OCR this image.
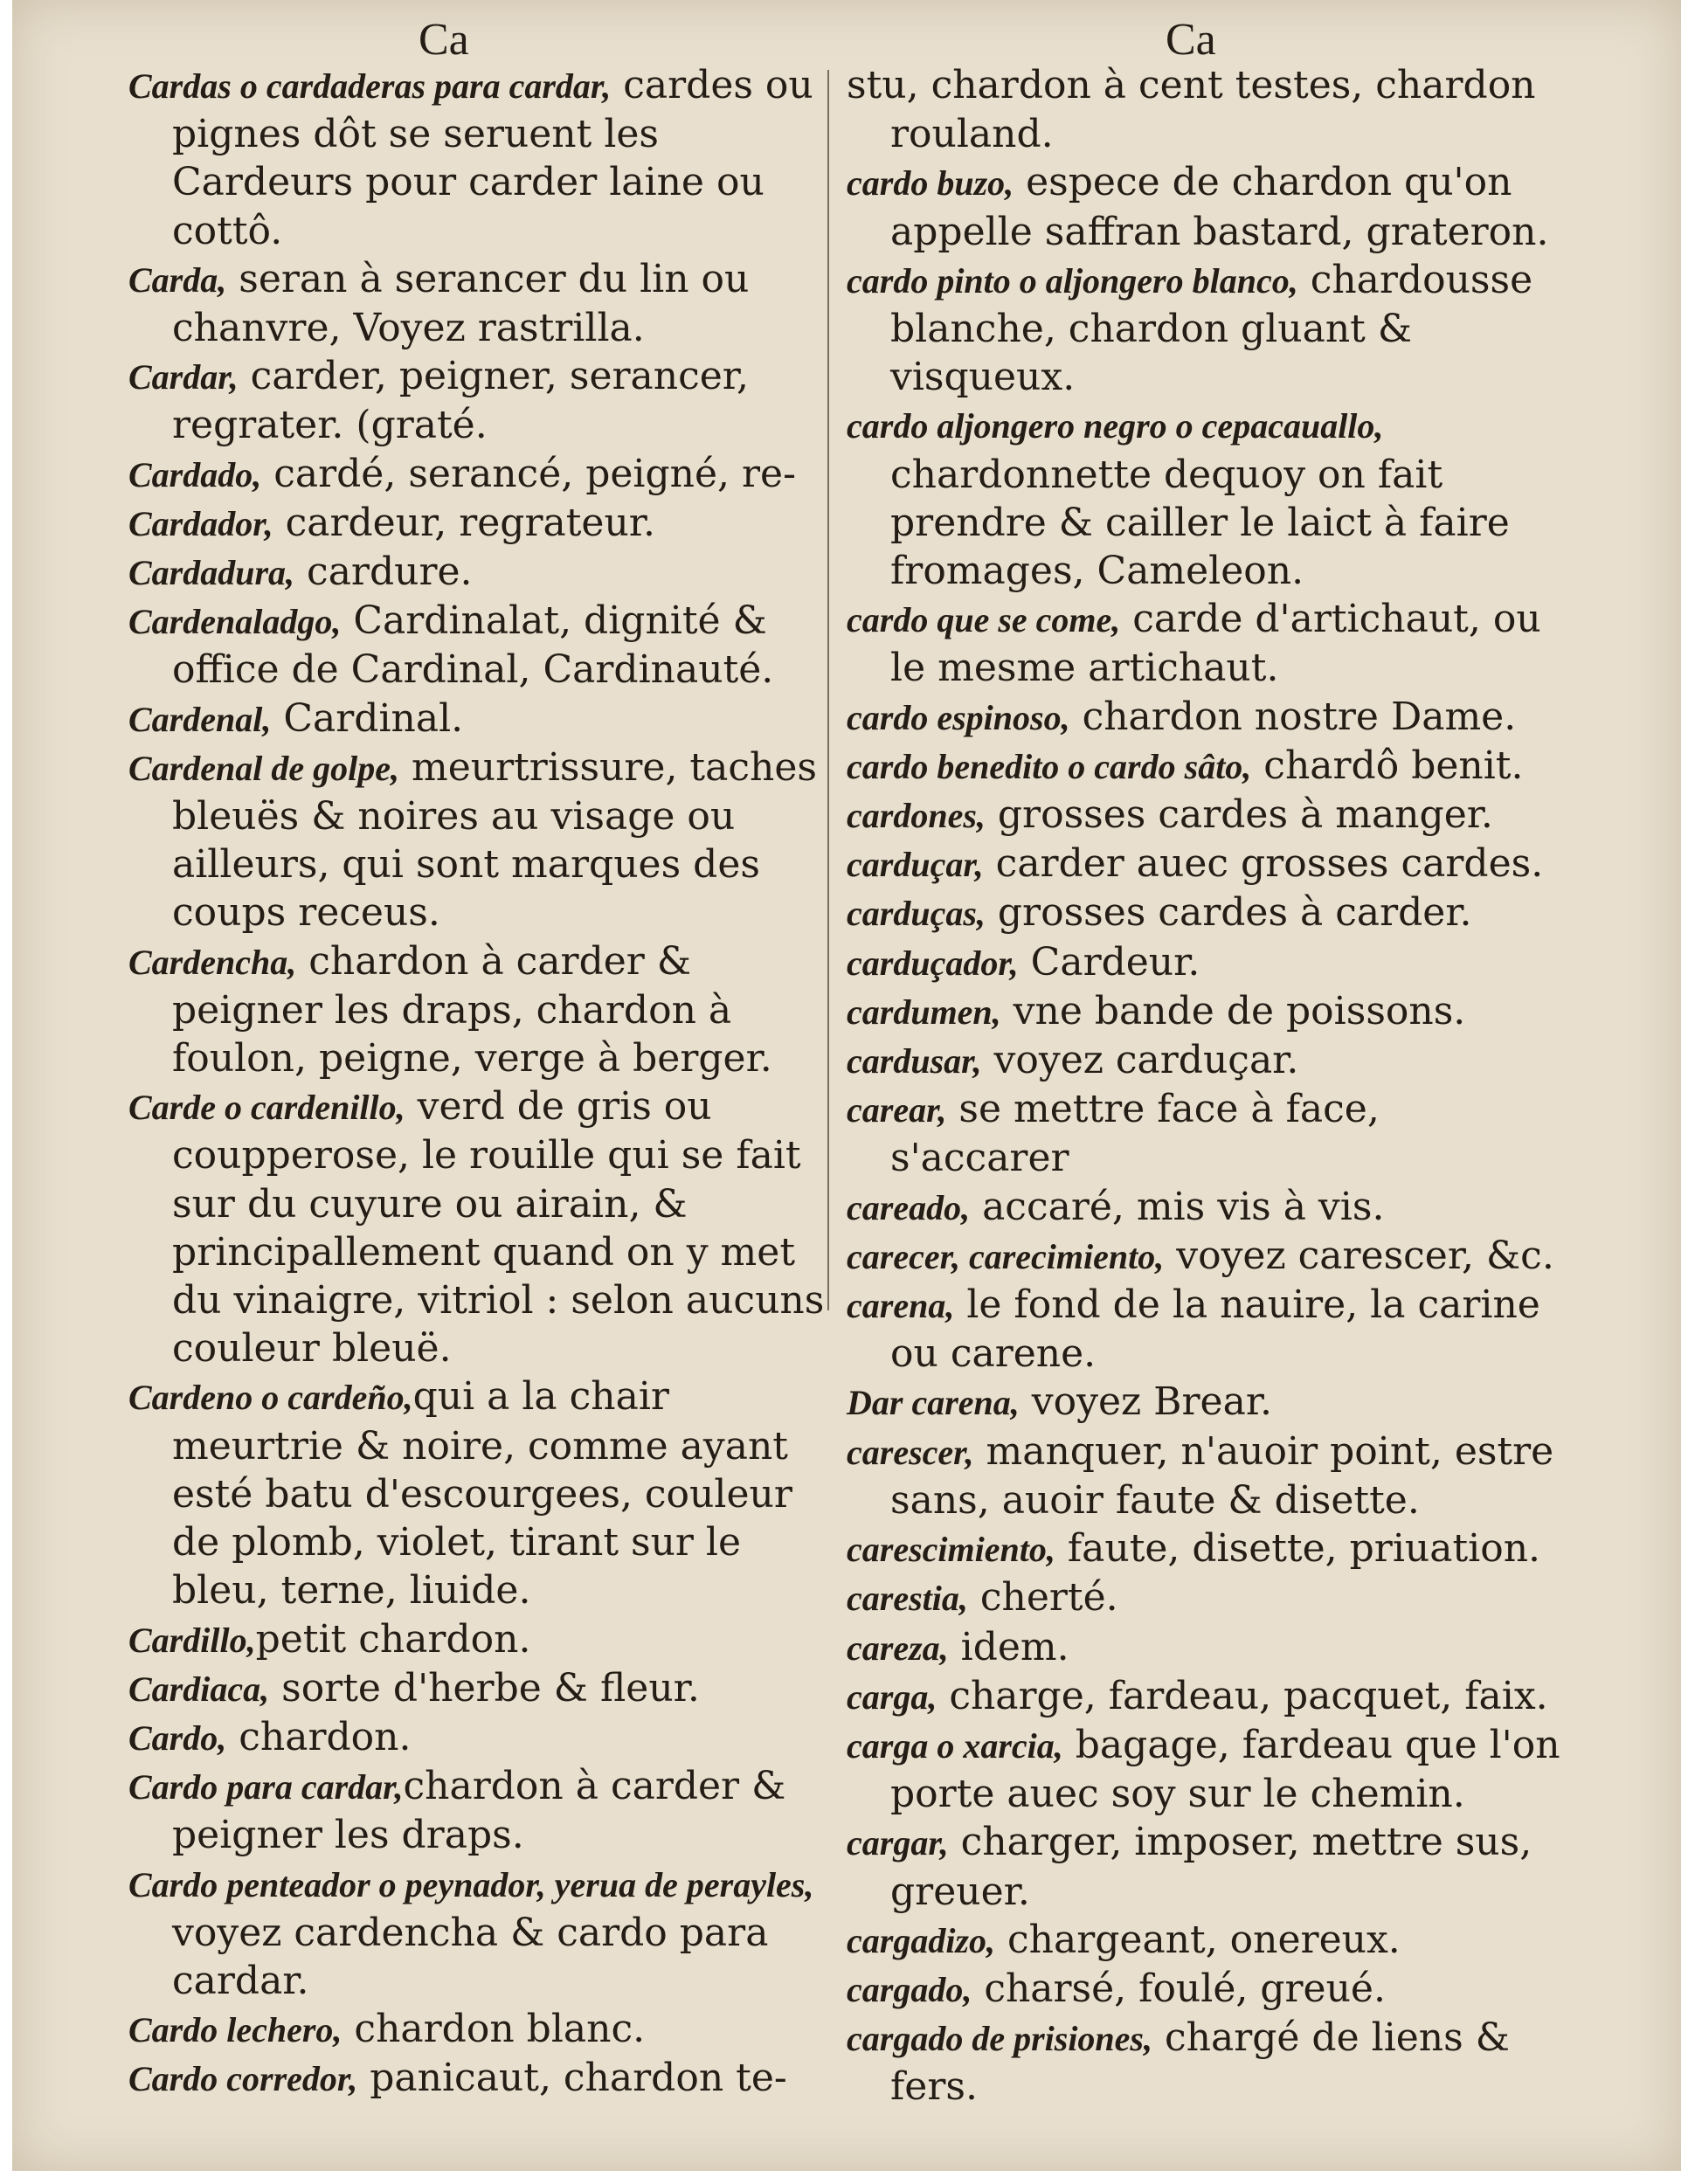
Ca	Ca
Cardas o cardaderas para cardar, cardes ou pignes dôt se seruent les Cardeurs pour carder laine ou cottô.
Carda, seran à serancer du lin ou chanvre, Voyez rastrilla.
Cardar, carder, peigner, serancer, regrater. (graté.
Cardado, cardé, serancé, peigné, re-
Cardador, cardeur, regrateur.
Cardadura, cardure.
Cardenaladgo, Cardinalat, dignité & office de Cardinal, Cardinauté.
Cardenal, Cardinal.
Cardenal de golpe, meurtrissure, taches bleuës & noires au visage ou ailleurs, qui sont marques des coups receus.
Cardencha, chardon à carder & peigner les draps, chardon à foulon, peigne, verge à berger.
Carde o cardenillo, verd de gris ou coupperose, le rouille qui se fait sur du cuyure ou airain, & principallement quand on y met du vinaigre, vitriol : selon aucuns couleur bleuë.
Cardeno o cardeño,qui a la chair meurtrie & noire, comme ayant esté batu d'escourgees, couleur de plomb, violet, tirant sur le bleu, terne, liuide.
Cardillo,petit chardon.
Cardiaca, sorte d'herbe & fleur.
Cardo, chardon.
Cardo para cardar,chardon à carder & peigner les draps.
Cardo penteador o peynador, yerua de perayles, voyez cardencha & cardo para cardar.
Cardo lechero, chardon blanc.
Cardo corredor, panicaut, chardon te-
stu, chardon à cent testes, chardon rouland.
cardo buzo, espece de chardon qu'on appelle saffran bastard, grateron.
cardo pinto o aljongero blanco, chardousse blanche, chardon gluant & visqueux.
cardo aljongero negro o cepacauallo, chardonnette dequoy on fait prendre & cailler le laict à faire fromages, Cameleon.
cardo que se come, carde d'artichaut, ou le mesme artichaut.
cardo espinoso, chardon nostre Dame.
cardo benedito o cardo sâto, chardô benit.
cardones, grosses cardes à manger.
carduçar, carder auec grosses cardes.
carduças, grosses cardes à carder.
carduçador, Cardeur.
cardumen, vne bande de poissons.
cardusar, voyez carduçar.
carear, se mettre face à face, s'accarer
careado, accaré, mis vis à vis.
carecer, carecimiento, voyez carescer, &c.
carena, le fond de la nauire, la carine ou carene.
Dar carena, voyez Brear.
carescer, manquer, n'auoir point, estre sans, auoir faute & disette.
carescimiento, faute, disette, priuation.
carestia, cherté.
careza, idem.
carga, charge, fardeau, pacquet, faix.
carga o xarcia, bagage, fardeau que l'on porte auec soy sur le chemin.
cargar, charger, imposer, mettre sus, greuer.
cargadizo, chargeant, onereux.
cargado, charsé, foulé, greué.
cargado de prisiones, chargé de liens & fers.
